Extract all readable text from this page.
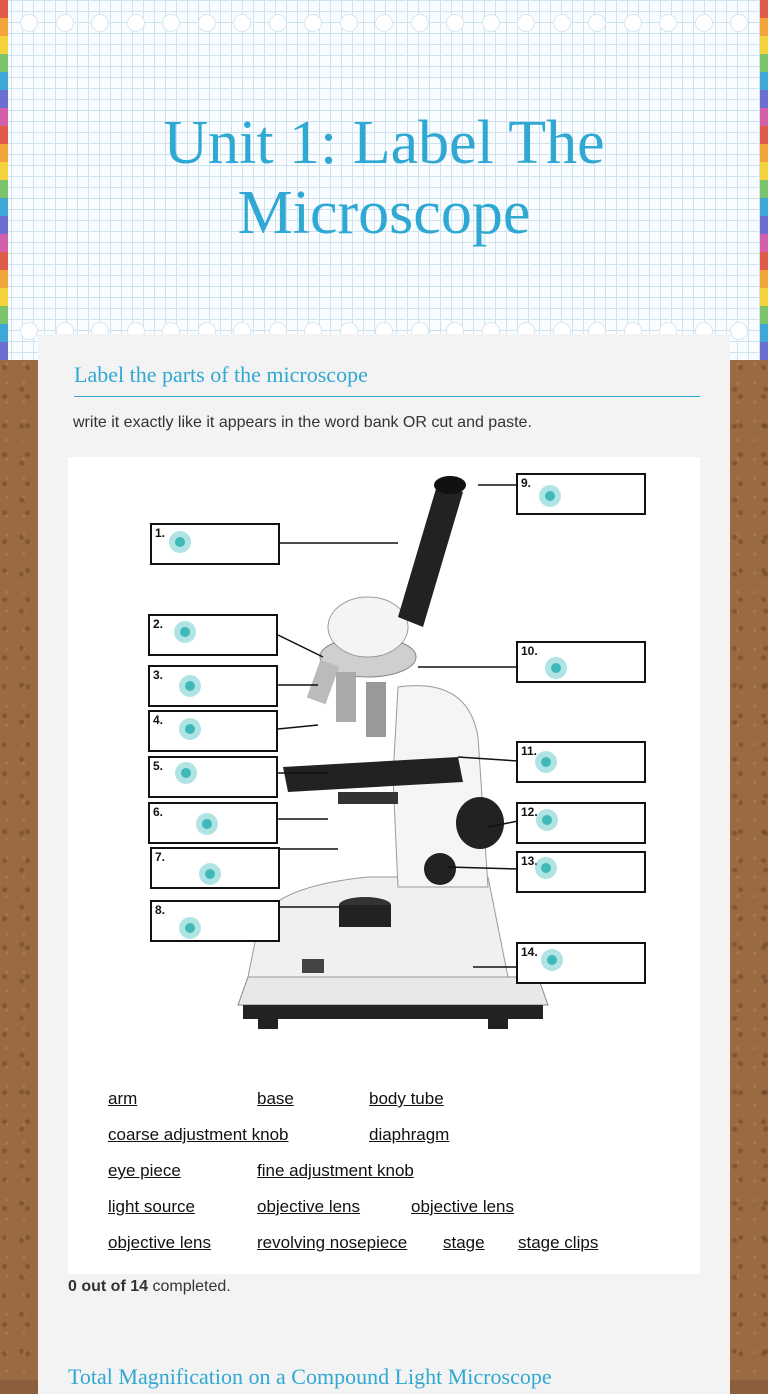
Unit 1: Label The Microscope
Label the parts of the microscope
write it exactly like it appears in the word bank OR cut and paste.
1.
2.
3.
4.
5.
6.
7.
8.
9.
10.
11.
12.
13.
14.
arm	base	body tube
coarse adjustment knob	diaphragm
eye piece	fine adjustment knob
light source	objective lens	objective lens
objective lens	revolving nosepiece stage stage clips
0 out of 14 completed.
Total Magnification on a Compound Light Microscope
